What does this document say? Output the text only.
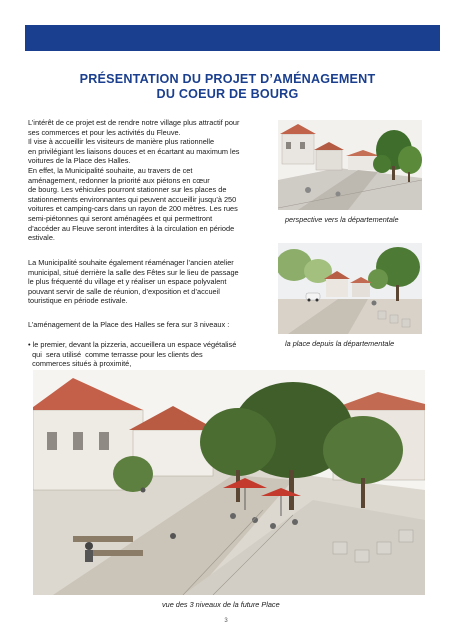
PRÉSENTATION DU PROJET D’AMÉNAGEMENT
DU COEUR DE BOURG

L’intérêt de ce projet est de rendre notre village plus attractif pour

ses commerces et pour les activités du Fleuve.

Il vise à accueillir les visiteurs de manière plus rationnelle

en privilégiant les liaisons douces et en écartant au maximum les

voitures de la Place des Halles.

En effet, la Municipalité souhaite, au travers de cet

aménagement, redonner la priorité aux piétons en cœur

de bourg. Les véhicules pourront stationner sur les places de

stationnements environnantes qui peuvent accueillir jusqu’à 250

voitures et camping-cars dans un rayon de 200 mètres. Les rues

semi-piétonnes qui seront aménagées et qui permettront

d’accéder au Fleuve seront interdites à la circulation en période

estivale.

La Municipalité souhaite également réaménager l’ancien atelier

municipal, situé derrière la salle des Fêtes sur le lieu de passage

le plus fréquenté du village et y réaliser un espace polyvalent

pouvant servir de salle de réunion, d’exposition et d’accueil

touristique en période estivale.

L’aménagement de la Place des Halles se fera sur 3 niveaux :

• le premier, devant la pizzeria, accueillera un espace végétalisé

qui  sera utilisé  comme terrasse pour les clients des

commerces situés à proximité,

perspective vers la départementale
la place depuis la départementale
vue des 3 niveaux de la future Place
3
